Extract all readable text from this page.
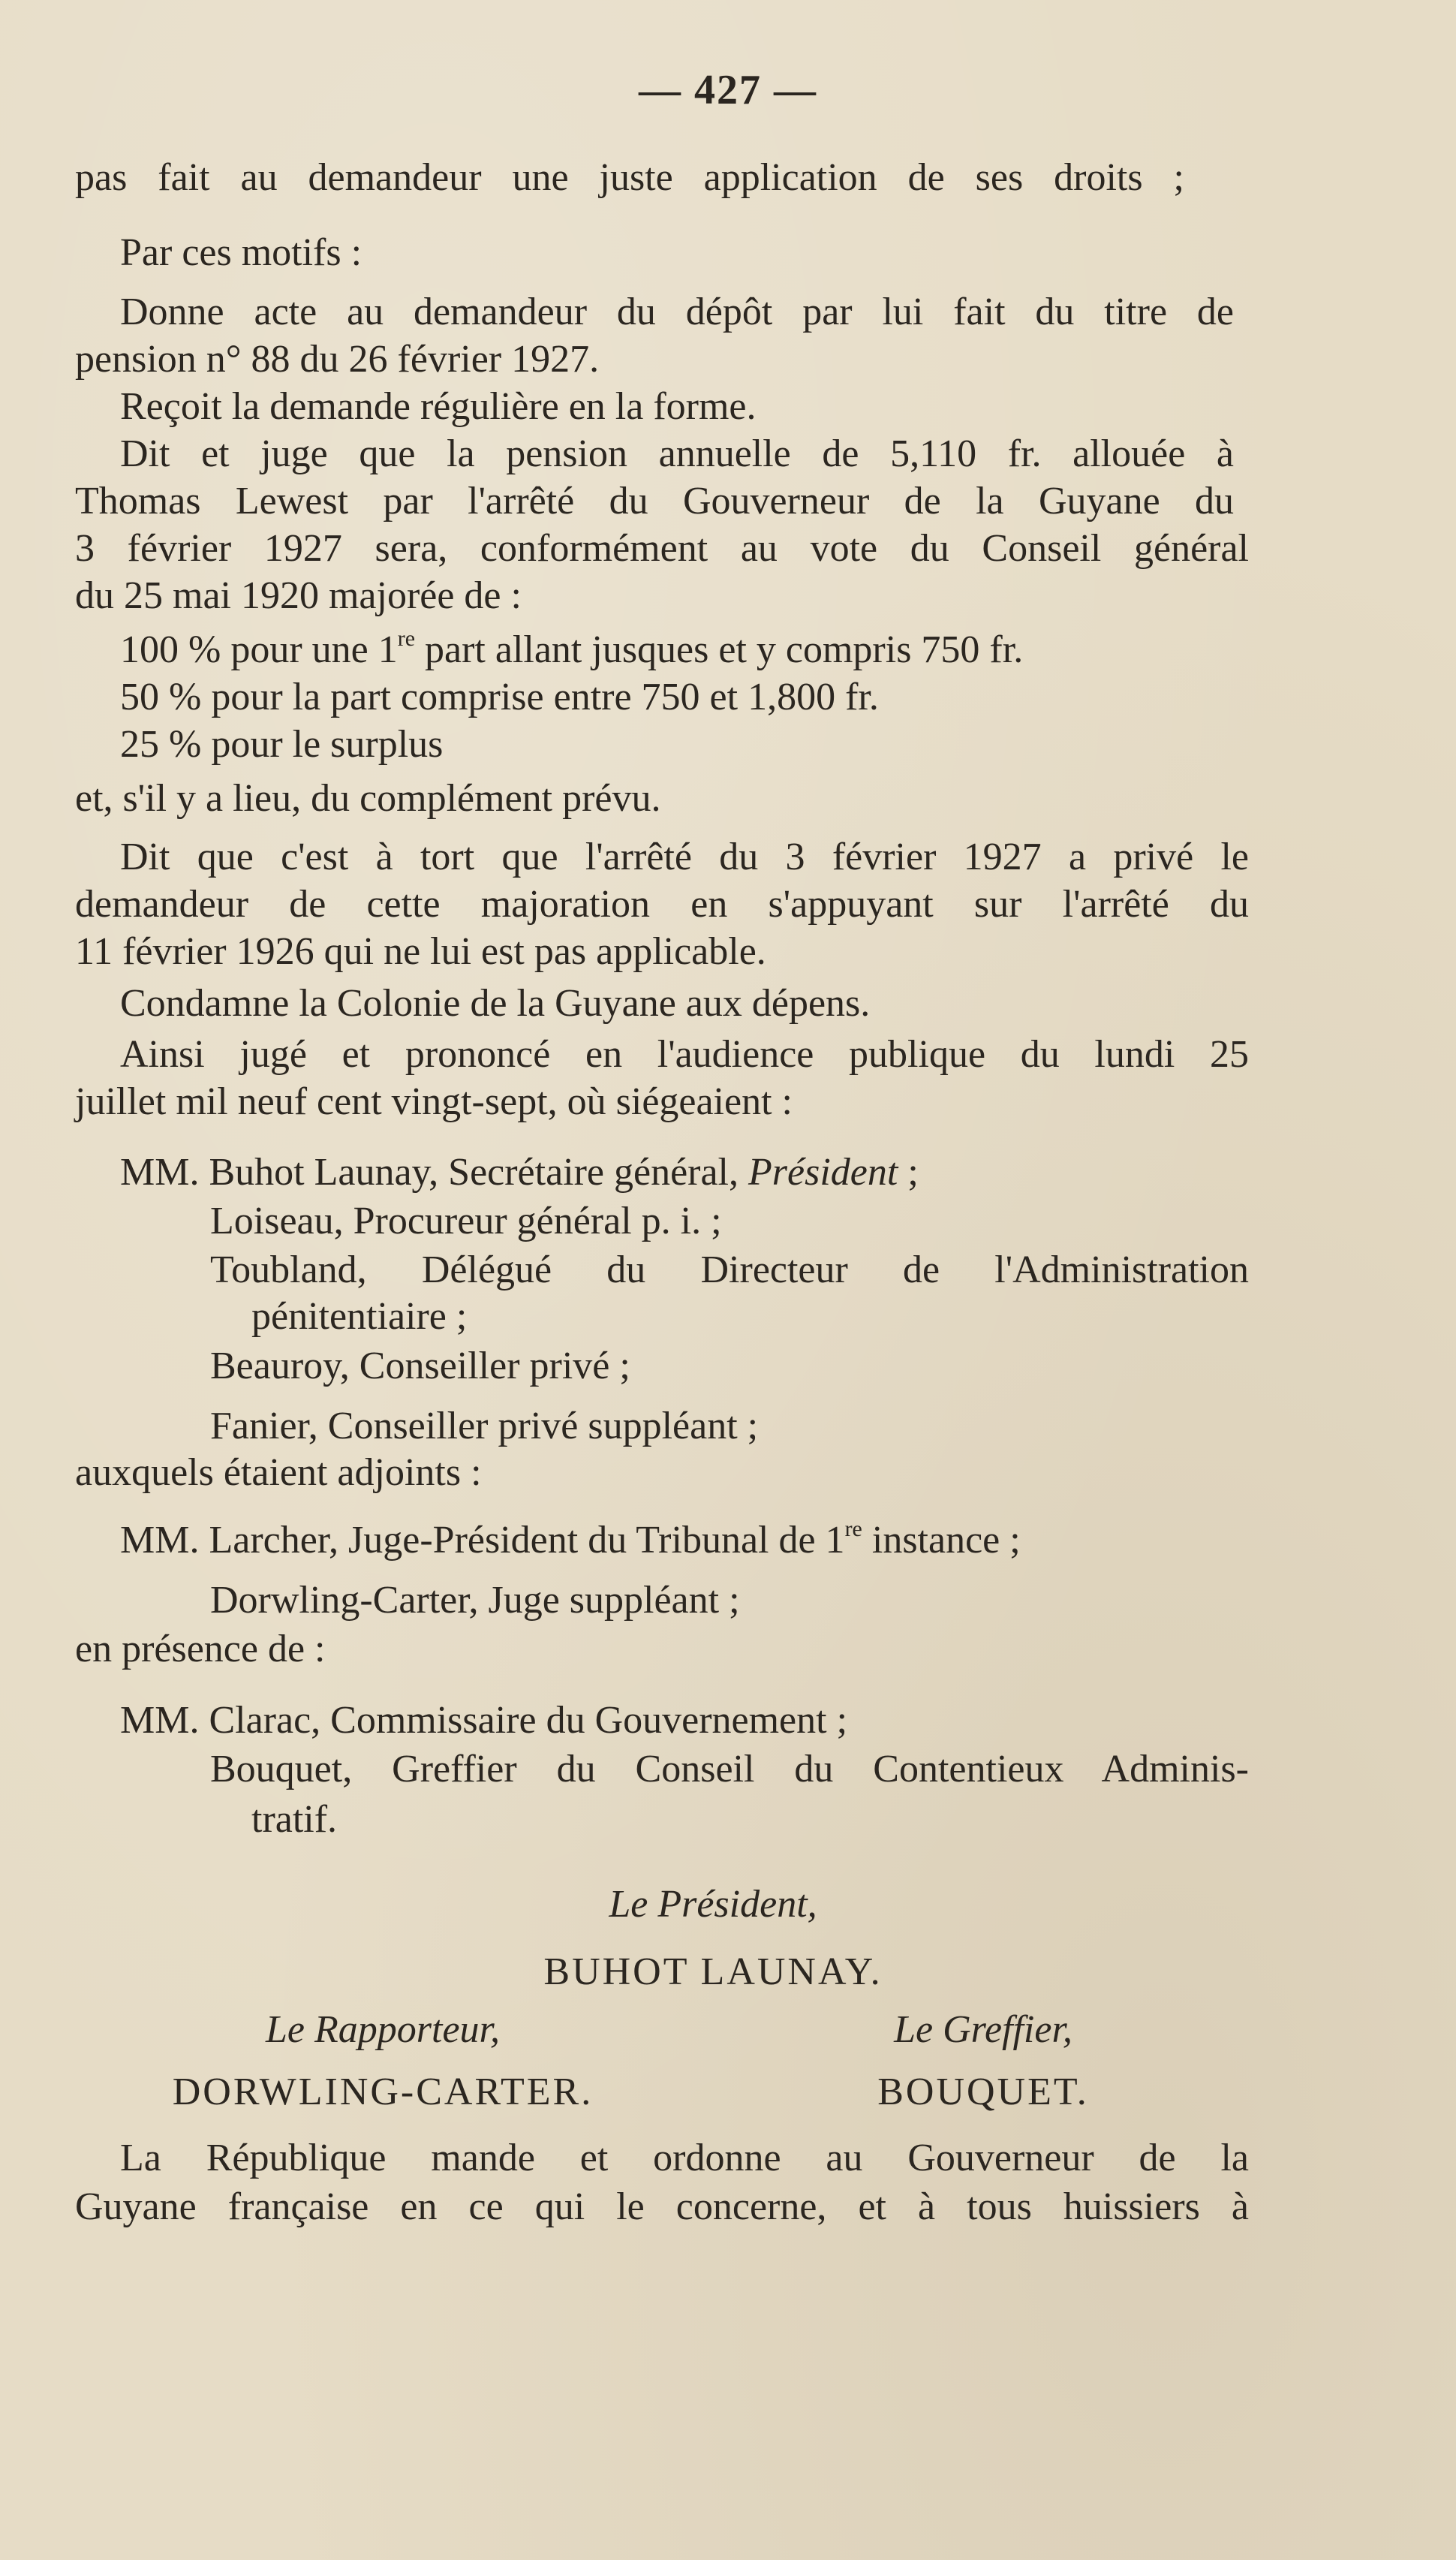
— 427 —
pas fait au demandeur une juste application de ses droits ;
Par ces motifs :
Donne acte au demandeur du dépôt par lui fait du titre de
pension n° 88 du 26 février 1927.
Reçoit la demande régulière en la forme.
Dit et juge que la pension annuelle de 5,110 fr. allouée à
Thomas Lewest par l'arrêté du Gouverneur de la Guyane du
3 février 1927 sera, conformément au vote du Conseil général
du 25 mai 1920 majorée de :
100 % pour une 1re part allant jusques et y compris 750 fr.
50 % pour la part comprise entre 750 et 1,800 fr.
25 % pour le surplus
et, s'il y a lieu, du complément prévu.
Dit que c'est à tort que l'arrêté du 3 février 1927 a privé le
demandeur de cette majoration en s'appuyant sur l'arrêté du
11 février 1926 qui ne lui est pas applicable.
Condamne la Colonie de la Guyane aux dépens.
Ainsi jugé et prononcé en l'audience publique du lundi 25
juillet mil neuf cent vingt-sept, où siégeaient :
MM. Buhot Launay, Secrétaire général, Président ;
Loiseau, Procureur général p. i. ;
Toubland, Délégué du Directeur de l'Administration
pénitentiaire ;
Beauroy, Conseiller privé ;
Fanier, Conseiller privé suppléant ;
auxquels étaient adjoints :
MM. Larcher, Juge-Président du Tribunal de 1re instance ;
Dorwling-Carter, Juge suppléant ;
en présence de :
MM. Clarac, Commissaire du Gouvernement ;
Bouquet, Greffier du Conseil du Contentieux Adminis-
tratif.
Le Président,
BUHOT LAUNAY.
Le Rapporteur,
DORWLING-CARTER.
Le Greffier,
BOUQUET.
La République mande et ordonne au Gouverneur de la
Guyane française en ce qui le concerne, et à tous huissiers à
